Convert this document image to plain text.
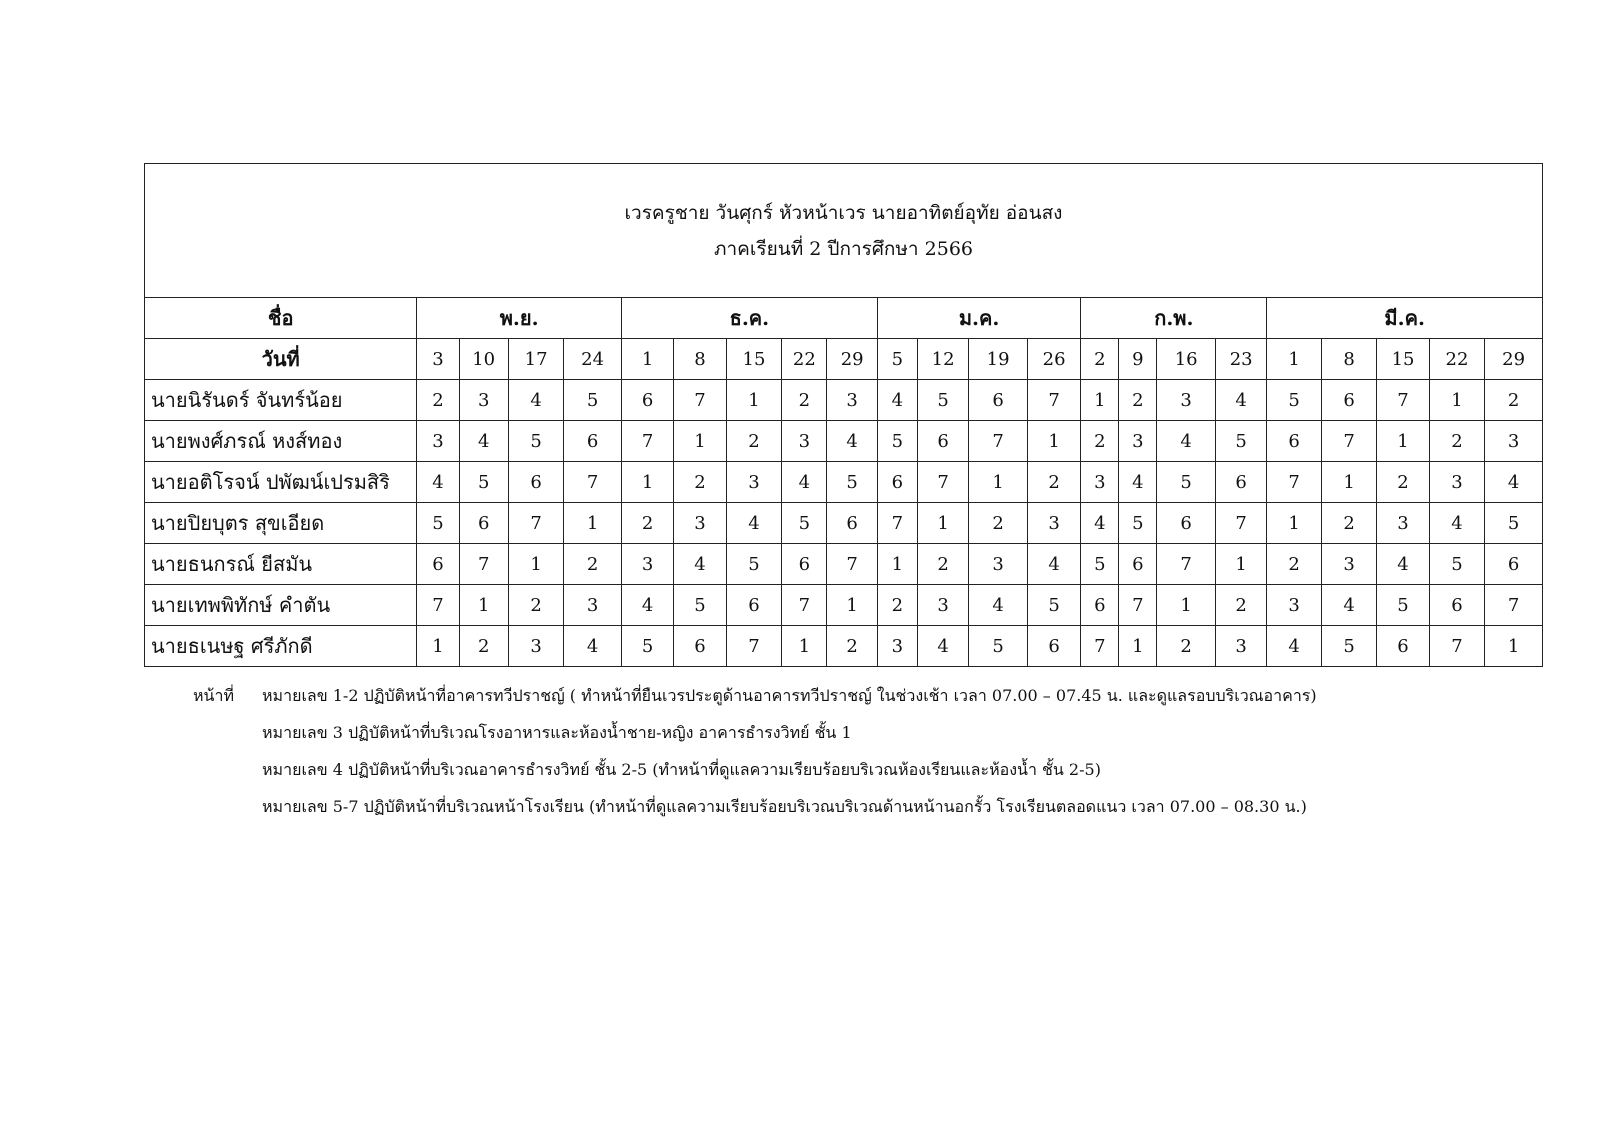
เวรครูชาย วันศุกร์ หัวหน้าเวร นายอาทิตย์อุทัย อ่อนสง
ภาคเรียนที่ 2 ปีการศึกษา 2566
ชื่อ	พ.ย.				ธ.ค.					ม.ค.				ก.พ.				มี.ค.				
วันที่	3	10	17	24	1	8	15	22	29	5	12	19	26	2	9	16	23	1	8	15	22	29
นายนิรันดร์ จันทร์น้อย	2	3	4	5	6	7	1	2	3	4	5	6	7	1	2	3	4	5	6	7	1	2
นายพงศ์ภรณ์ หงส์ทอง	3	4	5	6	7	1	2	3	4	5	6	7	1	2	3	4	5	6	7	1	2	3
นายอติโรจน์ ปพัฒน์เปรมสิริ	4	5	6	7	1	2	3	4	5	6	7	1	2	3	4	5	6	7	1	2	3	4
นายปิยบุตร สุขเอียด	5	6	7	1	2	3	4	5	6	7	1	2	3	4	5	6	7	1	2	3	4	5
นายธนกรณ์ ยีสมัน	6	7	1	2	3	4	5	6	7	1	2	3	4	5	6	7	1	2	3	4	5	6
นายเทพพิทักษ์ คำตัน	7	1	2	3	4	5	6	7	1	2	3	4	5	6	7	1	2	3	4	5	6	7
นายธเนษฐ ศรีภักดี	1	2	3	4	5	6	7	1	2	3	4	5	6	7	1	2	3	4	5	6	7	1
หน้าที่ หมายเลข 1-2 ปฏิบัติหน้าที่อาคารทวีปราชญ์ ( ทำหน้าที่ยืนเวรประตูด้านอาคารทวีปราชญ์ ในช่วงเช้า เวลา 07.00 – 07.45 น. และดูแลรอบบริเวณอาคาร)
หมายเลข 3 ปฏิบัติหน้าที่บริเวณโรงอาหารและห้องน้ำชาย-หญิง อาคารธำรงวิทย์ ชั้น 1
หมายเลข 4 ปฏิบัติหน้าที่บริเวณอาคารธำรงวิทย์ ชั้น 2-5 (ทำหน้าที่ดูแลความเรียบร้อยบริเวณห้องเรียนและห้องน้ำ ชั้น 2-5)
หมายเลข 5-7 ปฏิบัติหน้าที่บริเวณหน้าโรงเรียน (ทำหน้าที่ดูแลความเรียบร้อยบริเวณบริเวณด้านหน้านอกรั้ว โรงเรียนตลอดแนว เวลา 07.00 – 08.30 น.)
